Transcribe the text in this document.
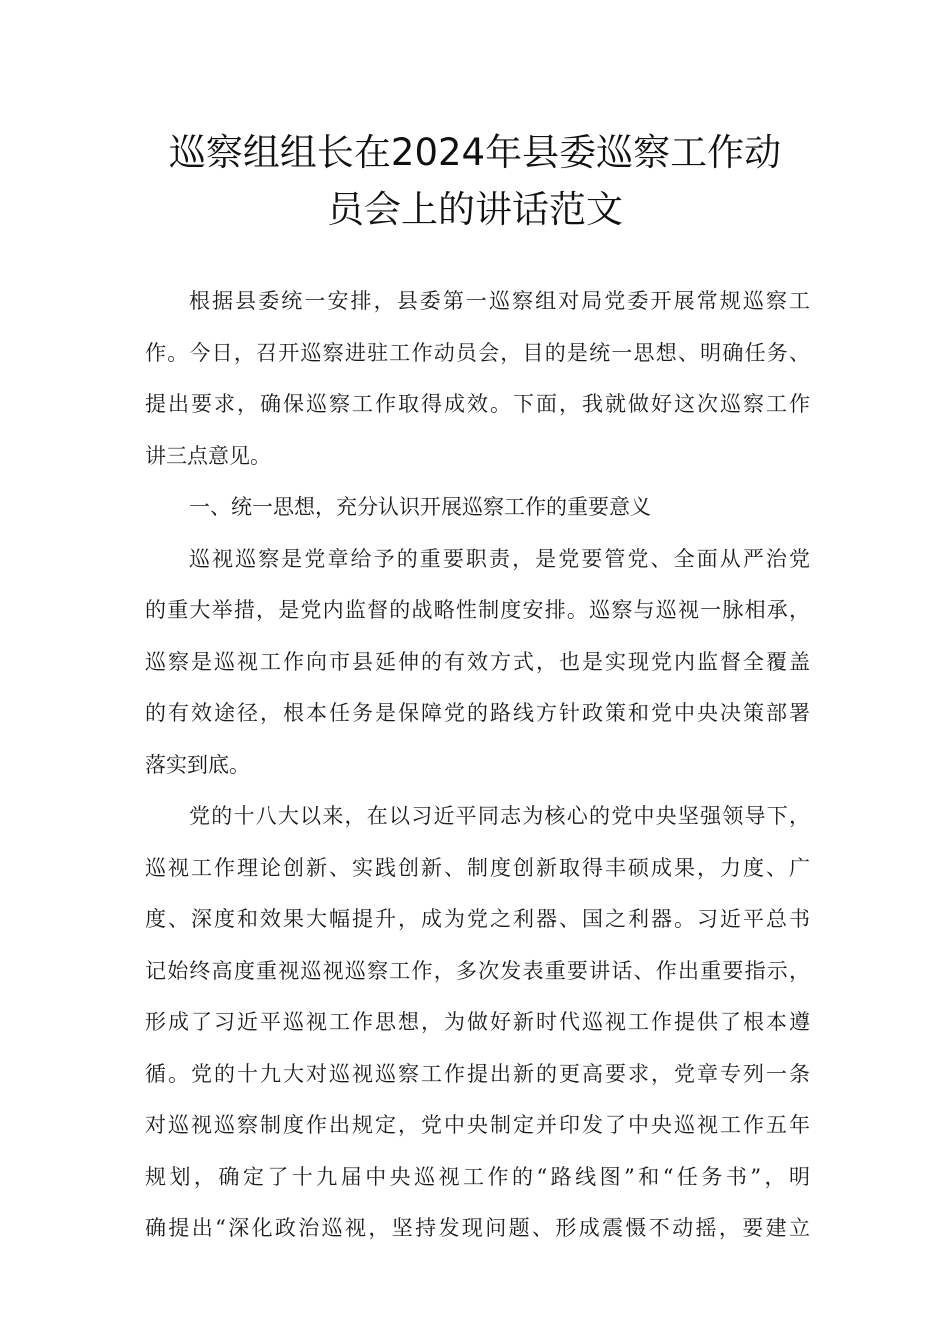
巡察组组长在2024年县委巡察工作动
员会上的讲话范文
根据县委统一安排，县委第一巡察组对局党委开展常规巡察工
作。今日，召开巡察进驻工作动员会，目的是统一思想、明确任务、
提出要求，确保巡察工作取得成效。下面，我就做好这次巡察工作
讲三点意见。
一、统一思想，充分认识开展巡察工作的重要意义
巡视巡察是党章给予的重要职责，是党要管党、全面从严治党
的重大举措，是党内监督的战略性制度安排。巡察与巡视一脉相承，
巡察是巡视工作向市县延伸的有效方式，也是实现党内监督全覆盖
的有效途径，根本任务是保障党的路线方针政策和党中央决策部署
落实到底。
党的十八大以来，在以习近平同志为核心的党中央坚强领导下，
巡视工作理论创新、实践创新、制度创新取得丰硕成果，力度、广
度、深度和效果大幅提升，成为党之利器、国之利器。习近平总书
记始终高度重视巡视巡察工作，多次发表重要讲话、作出重要指示，
形成了习近平巡视工作思想，为做好新时代巡视工作提供了根本遵
循。党的十九大对巡视巡察工作提出新的更高要求，党章专列一条
对巡视巡察制度作出规定，党中央制定并印发了中央巡视工作五年
规划，确定了十九届中央巡视工作的“路线图”和“任务书”，明
确提出“深化政治巡视，坚持发现问题、形成震慑不动摇，要建立
